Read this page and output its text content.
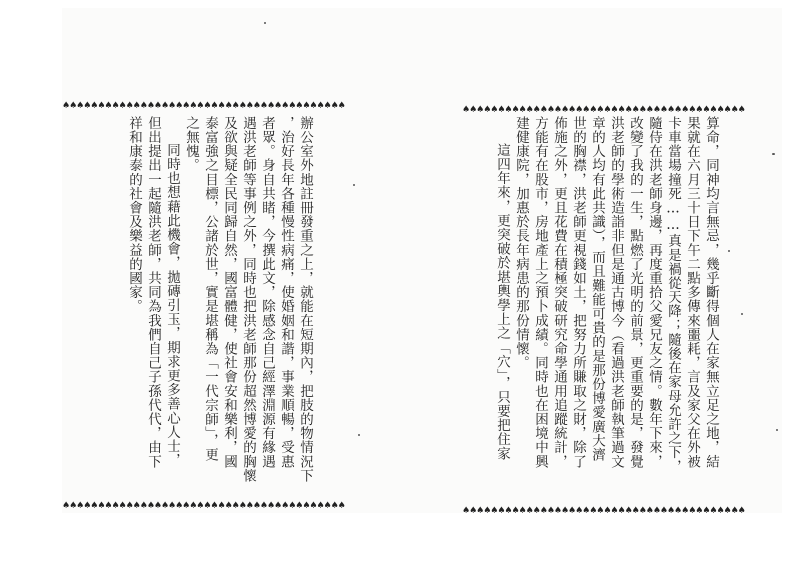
♠♠♠♠♠♠♠♠♠♠♠♠♠♠♠♠♠♠♠♠♠♠♠♠♠♠♠♠♠♠♠♠♠♠♠♠♠♠♠♠
辦公室外地註冊發重之上，就能在短期內，把肢的物情況下
，治好長年各種慢性病痛，使婚姻和諧，事業順暢，受惠
者眾。身自共睹，今撰此文，除感念自己經澤淵源有緣遇
遇洪老師等事例之外，同時也把洪老師那份超然博愛的胸懷
及欲與疑全民同歸自然，國富體健，使社會安和樂利，國
泰富強之目標，公諸於世，實是堪稱為「一代宗師」，更
之無愧。
同時也想藉此機會，拋磚引玉，期求更多善心人士，
但出提出一起隨洪老師，共同為我們自己子孫代代，由下
祥和康泰的社會及樂益的國家。
♠♠♠♠♠♠♠♠♠♠♠♠♠♠♠♠♠♠♠♠♠♠♠♠♠♠♠♠♠♠♠♠♠♠♠♠♠♠♠♠
♠♠♠♠♠♠♠♠♠♠♠♠♠♠♠♠♠♠♠♠♠♠♠♠♠♠♠♠♠♠♠♠♠♠♠♠♠♠♠♠
算命，同神均言無忌，幾乎斷得個人在家無立足之地，結
果就在六月三十日下午二點多傳來噩耗，言及家父在外被
卡車當場撞死……真是禍從天降；隨後在家母允許之下，
隨侍在洪老師身邊，再度重拾父愛兄友之情。數年下來，
改變了我的一生，點燃了光明的前景，更重要的是，發覺
洪老師的學術造詣非但是通古博今（看過洪老師執筆過文
章的人均有此共識），而且難能可貴的是那份博愛廣大濟
世的胸襟，洪老師更視錢如土，把努力所賺取之財，除了
佈施之外，更且花費在積極突破研究命學通用追蹤統計，
方能有在股市，房地產上之預卜成績。同時也在困境中興
建健康院，加惠於長年病患的那份情懷。
這四年來，更突破於堪輿學上之「穴」，只要把住家
♠♠♠♠♠♠♠♠♠♠♠♠♠♠♠♠♠♠♠♠♠♠♠♠♠♠♠♠♠♠♠♠♠♠♠♠♠♠♠♠
